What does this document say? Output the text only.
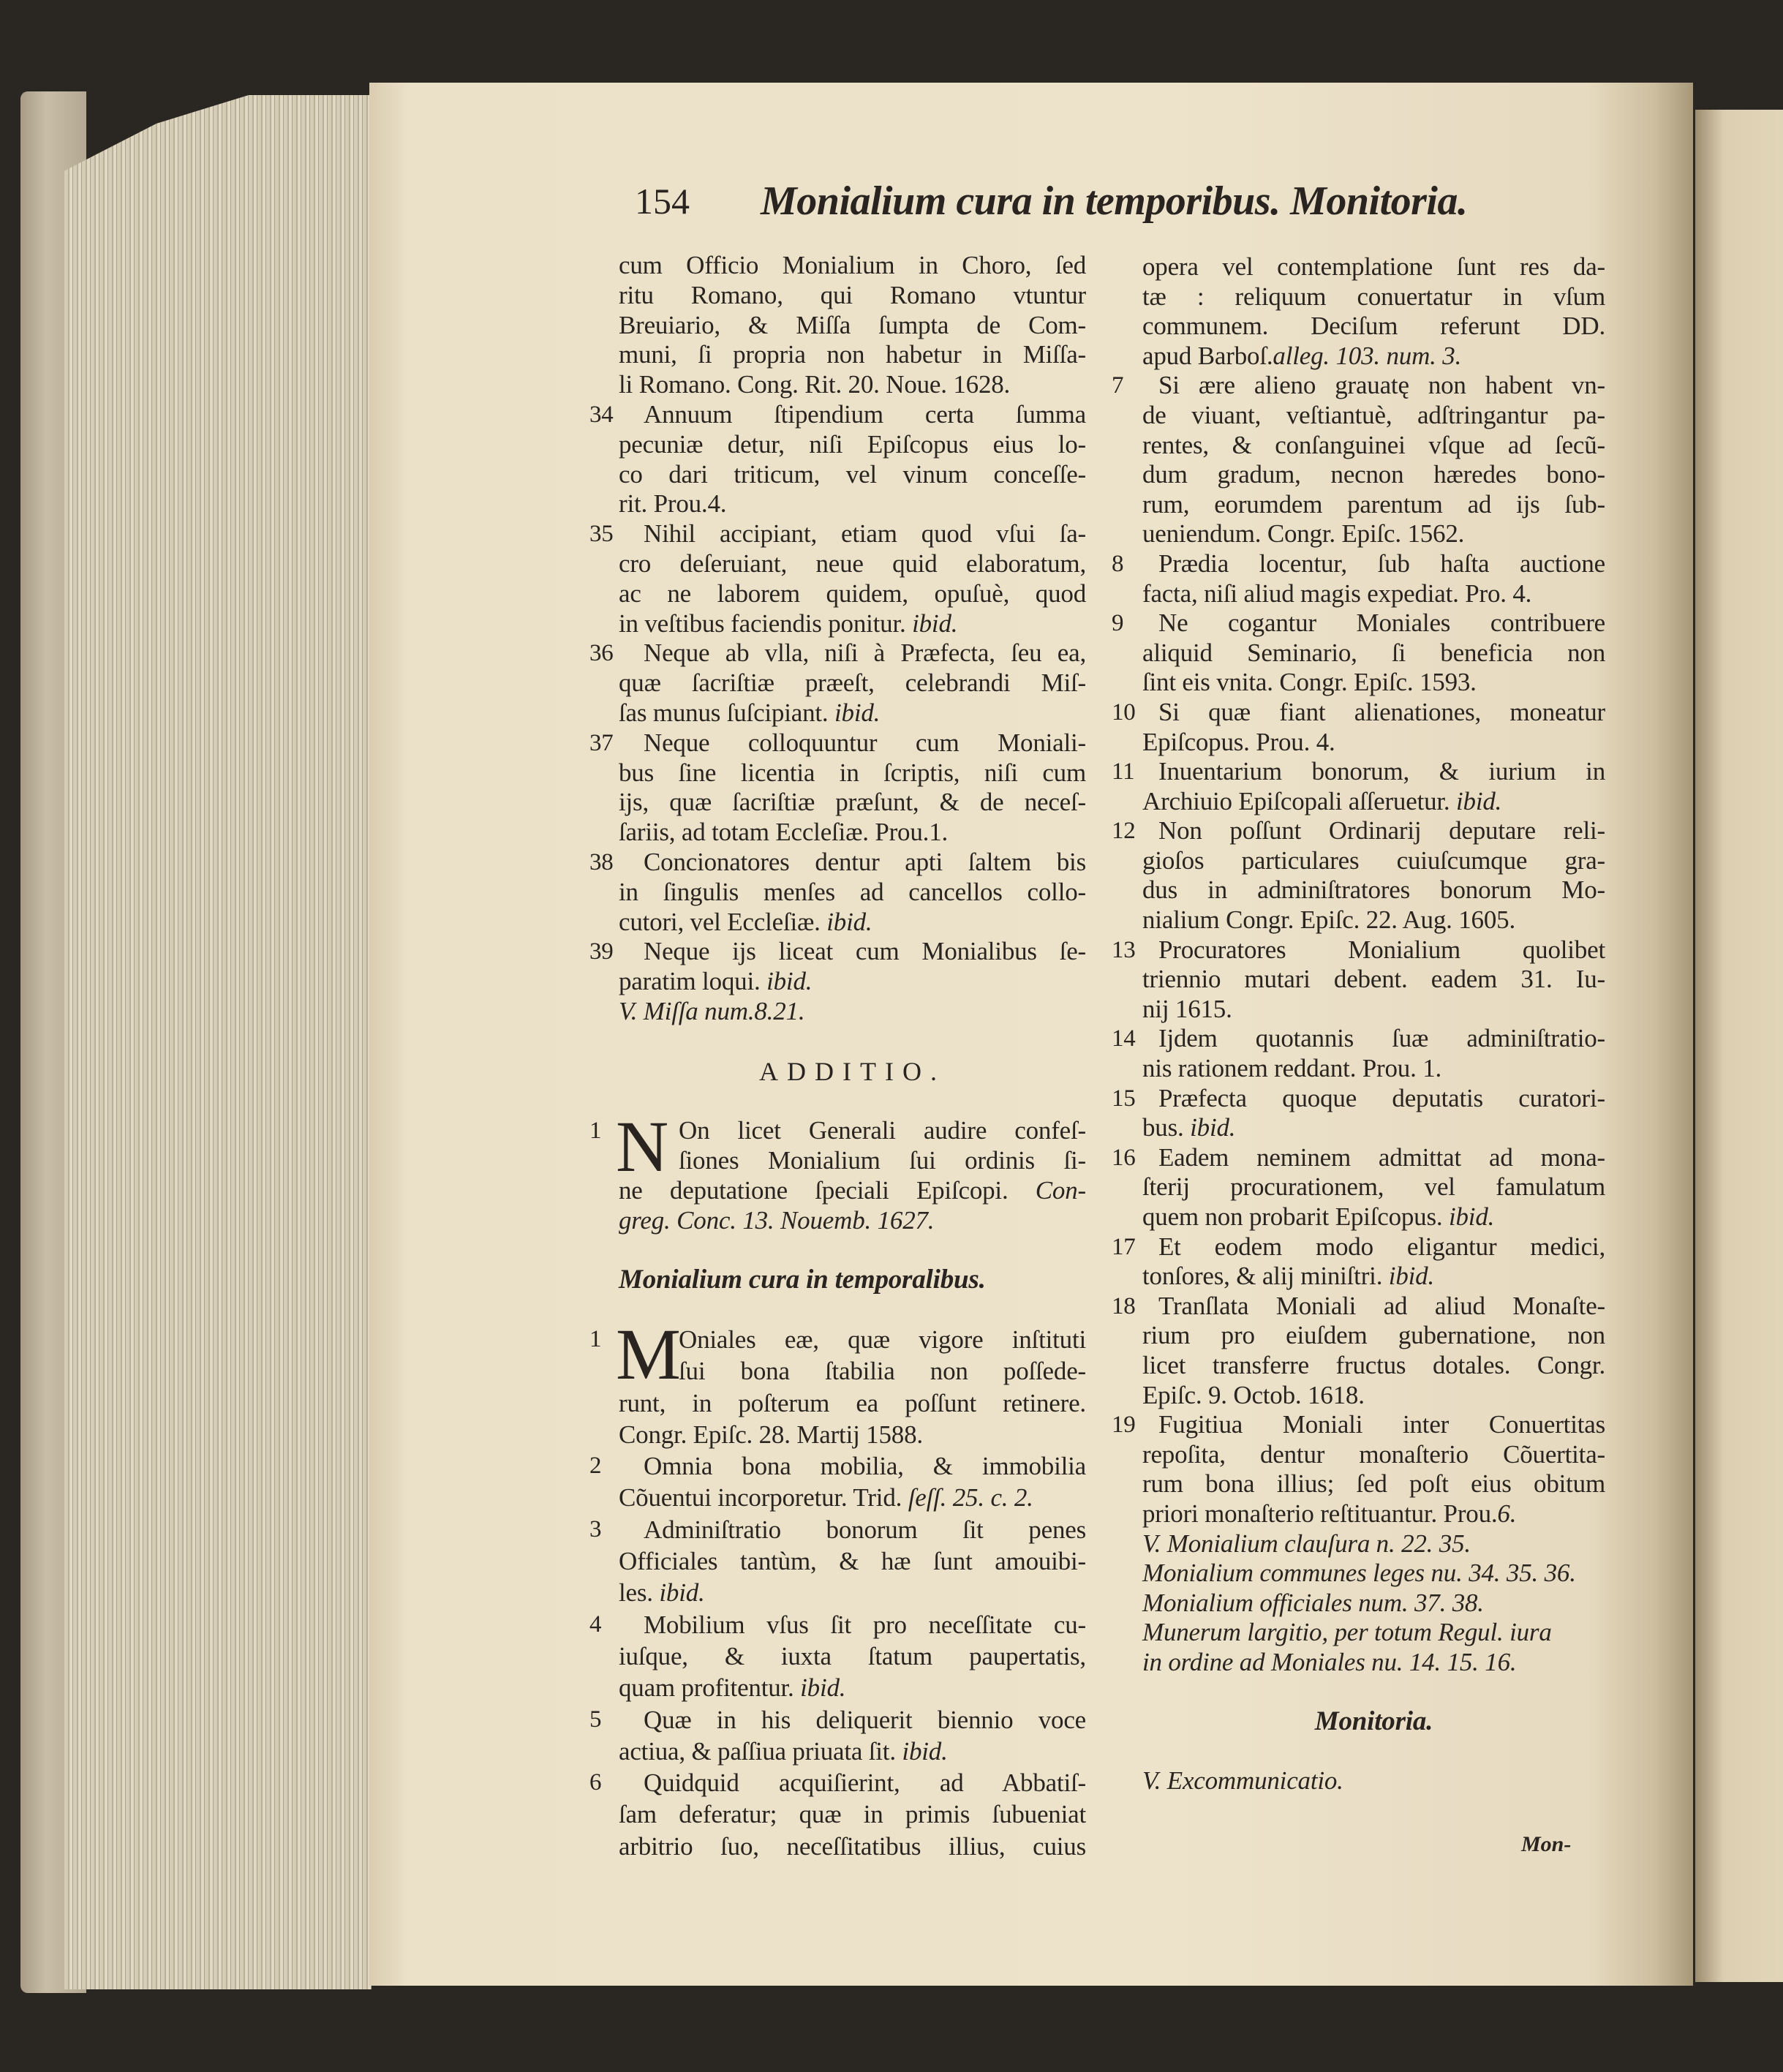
154 Monialium cura in temporibus. Monitoria.
cum Officio Monialium in Choro, ſed
ritu Romano, qui Romano vtuntur
Breuiario, & Miſſa ſumpta de Com-
muni, ſi propria non habetur in Miſſa-
li Romano. Cong. Rit. 20. Noue. 1628.
34 Annuum ſtipendium certa ſumma
pecuniæ detur, niſi Epiſcopus eius lo-
co dari triticum, vel vinum conceſſe-
rit. Prou.4.
35 Nihil accipiant, etiam quod vſui ſa-
cro deſeruiant, neue quid elaboratum,
ac ne laborem quidem, opuſuè, quod
in veſtibus faciendis ponitur. ibid.
36 Neque ab vlla, niſi à Præfecta, ſeu ea,
quæ ſacriſtiæ præeſt, celebrandi Miſ-
ſas munus ſuſcipiant. ibid.
37 Neque colloquuntur cum Moniali-
bus ſine licentia in ſcriptis, niſi cum
ijs, quæ ſacriſtiæ præſunt, & de neceſ-
ſariis, ad totam Eccleſiæ. Prou.1.
38 Concionatores dentur apti ſaltem bis
in ſingulis menſes ad cancellos collo-
cutori, vel Eccleſiæ. ibid.
39 Neque ijs liceat cum Monialibus ſe-
paratim loqui. ibid.
V. Miſſa num.8.21.
ADDITIO.
1 N On licet Generali audire confeſ-
ſiones Monialium ſui ordinis ſi-
ne deputatione ſpeciali Epiſcopi. Con-
greg. Conc. 13. Nouemb. 1627.
Monialium cura in temporalibus.
1 M
Oniales eæ, quæ vigore inſtituti
ſui bona ſtabilia non poſſede-
runt, in poſterum ea poſſunt retinere.
Congr. Epiſc. 28. Martij 1588.
2 Omnia bona mobilia, & immobilia
Cõuentui incorporetur. Trid. ſeſſ. 25. c. 2.
3 Adminiſtratio bonorum ſit penes
Officiales tantùm, & hæ ſunt amouibi-
les. ibid.
4 Mobilium vſus ſit pro neceſſitate cu-
iuſque, & iuxta ſtatum paupertatis,
quam profitentur. ibid.
5 Quæ in his deliquerit biennio voce
actiua, & paſſiua priuata ſit. ibid.
6 Quidquid acquiſierint, ad Abbatiſ-
ſam deferatur; quæ in primis ſubueniat
arbitrio ſuo, neceſſitatibus illius, cuius
opera vel contemplatione ſunt res da-
tæ : reliquum conuertatur in vſum
communem. Deciſum referunt DD.
apud Barboſ.alleg. 103. num. 3.
7 Si ære alieno grauatę non habent vn-
de viuant, veſtiantuè, adſtringantur pa-
rentes, & conſanguinei vſque ad ſecũ-
dum gradum, necnon hæredes bono-
rum, eorumdem parentum ad ijs ſub-
ueniendum. Congr. Epiſc. 1562.
8 Prædia locentur, ſub haſta auctione
facta, niſi aliud magis expediat. Pro. 4.
9 Ne cogantur Moniales contribuere
aliquid Seminario, ſi beneficia non
ſint eis vnita. Congr. Epiſc. 1593.
10 Si quæ fiant alienationes, moneatur
Epiſcopus. Prou. 4.
11 Inuentarium bonorum, & iurium in
Archiuio Epiſcopali aſſeruetur. ibid.
12 Non poſſunt Ordinarij deputare reli-
gioſos particulares cuiuſcumque gra-
dus in adminiſtratores bonorum Mo-
nialium Congr. Epiſc. 22. Aug. 1605.
13 Procuratores Monialium quolibet
triennio mutari debent. eadem 31. Iu-
nij 1615.
14 Ijdem quotannis ſuæ adminiſtratio-
nis rationem reddant. Prou. 1.
15 Præfecta quoque deputatis curatori-
bus. ibid.
16 Eadem neminem admittat ad mona-
ſterij procurationem, vel famulatum
quem non probarit Epiſcopus. ibid.
17 Et eodem modo eligantur medici,
tonſores, & alij miniſtri. ibid.
18 Tranſlata Moniali ad aliud Monaſte-
rium pro eiuſdem gubernatione, non
licet transferre fructus dotales. Congr.
Epiſc. 9. Octob. 1618.
19 Fugitiua Moniali inter Conuertitas
repoſita, dentur monaſterio Cõuertita-
rum bona illius; ſed poſt eius obitum
priori monaſterio reſtituantur. Prou.6.
V. Monialium clauſura n. 22. 35.
Monialium communes leges nu. 34. 35. 36.
Monialium officiales num. 37. 38.
Munerum largitio, per totum Regul. iura
in ordine ad Moniales nu. 14. 15. 16.
Monitoria.
V. Excommunicatio.
Mon-
